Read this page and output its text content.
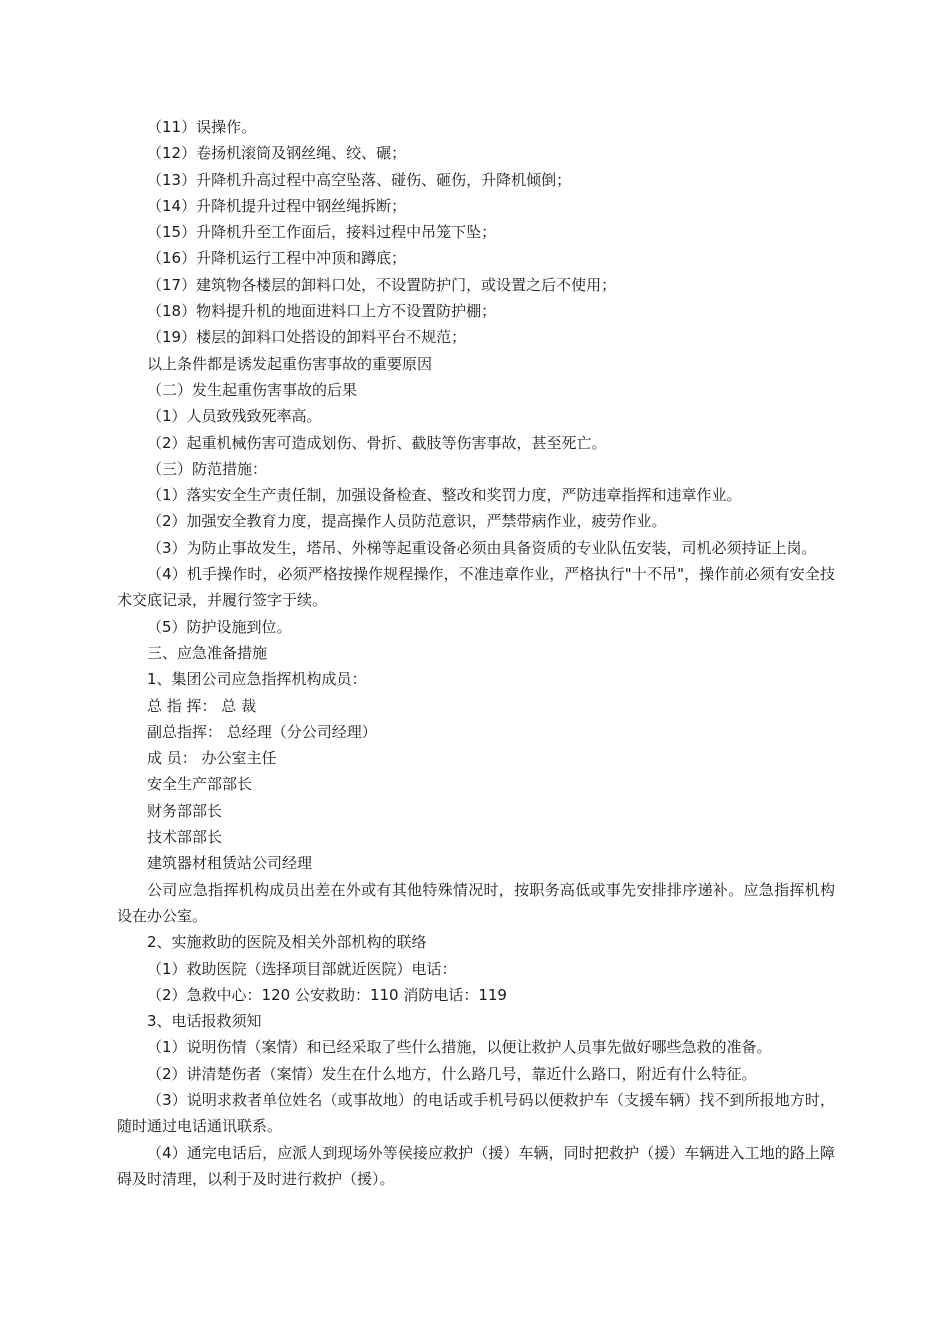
（11）误操作。
（12）卷扬机滚筒及钢丝绳、绞、碾；
（13）升降机升高过程中高空坠落、碰伤、砸伤，升降机倾倒；
（14）升降机提升过程中钢丝绳拆断；
（15）升降机升至工作面后，接料过程中吊笼下坠；
（16）升降机运行工程中冲顶和蹲底；
（17）建筑物各楼层的卸料口处，不设置防护门，或设置之后不使用；
（18）物料提升机的地面进料口上方不设置防护棚；
（19）楼层的卸料口处搭设的卸料平台不规范；
以上条件都是诱发起重伤害事故的重要原因
（二）发生起重伤害事故的后果
（1）人员致残致死率高。
（2）起重机械伤害可造成划伤、骨折、截肢等伤害事故，甚至死亡。
（三）防范措施：
（1）落实安全生产责任制，加强设备检查、整改和奖罚力度，严防违章指挥和违章作业。
（2）加强安全教育力度，提高操作人员防范意识，严禁带病作业，疲劳作业。
（3）为防止事故发生，塔吊、外梯等起重设备必须由具备资质的专业队伍安装，司机必须持证上岗。
（4）机手操作时，必须严格按操作规程操作，不准违章作业，严格执行"十不吊"，操作前必须有安全技术交底记录，并履行签字于续。
（5）防护设施到位。
三、应急准备措施
1、集团公司应急指挥机构成员：
总 指 挥： 总 裁
副总指挥： 总经理（分公司经理）
成 员： 办公室主任
安全生产部部长
财务部部长
技术部部长
建筑器材租赁站公司经理
公司应急指挥机构成员出差在外或有其他特殊情况时，按职务高低或事先安排排序递补。应急指挥机构设在办公室。
2、实施救助的医院及相关外部机构的联络
（1）救助医院（选择项目部就近医院）电话：
（2）急救中心：120 公安救助：110 消防电话：119
3、电话报救须知
（1）说明伤情（案情）和已经采取了些什么措施，以便让救护人员事先做好哪些急救的准备。
（2）讲清楚伤者（案情）发生在什么地方，什么路几号，靠近什么路口，附近有什么特征。
（3）说明求救者单位姓名（或事故地）的电话或手机号码以便救护车（支援车辆）找不到所报地方时，随时通过电话通讯联系。
（4）通完电话后，应派人到现场外等侯接应救护（援）车辆，同时把救护（援）车辆进入工地的路上障碍及时清理，以利于及时进行救护（援）。
